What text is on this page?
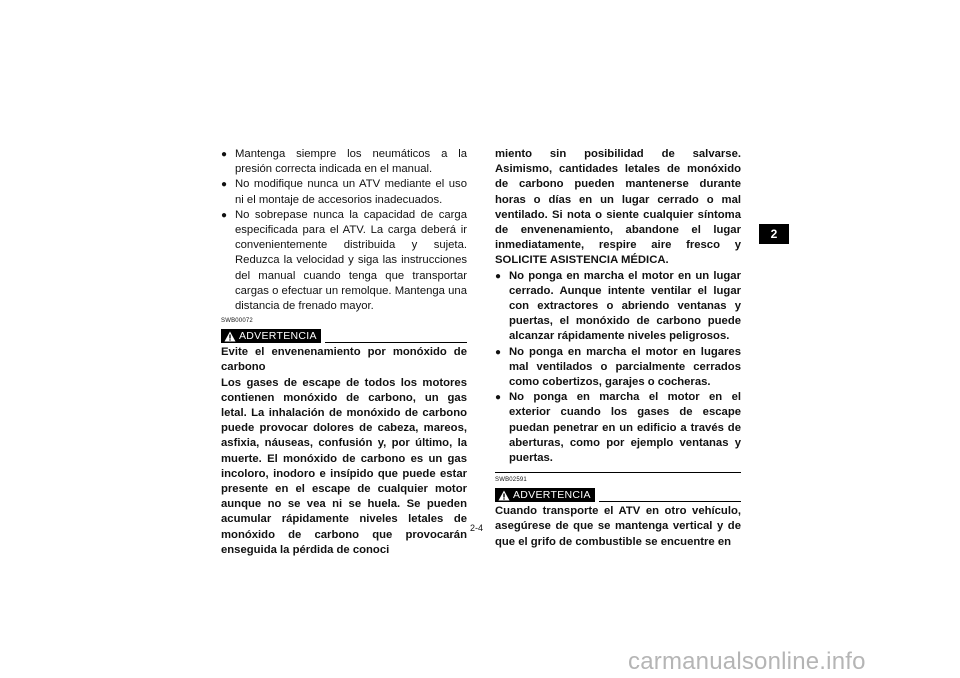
● Mantenga siempre los neumáticos a la presión correcta indicada en el manual.
● No modifique nunca un ATV mediante el uso ni el montaje de accesorios inadecuados.
● No sobrepase nunca la capacidad de carga especificada para el ATV. La carga deberá ir convenientemente distribuida y sujeta. Reduzca la velocidad y siga las instrucciones del manual cuando tenga que transportar cargas o efectuar un remolque. Mantenga una distancia de frenado mayor.
SWB00072
ADVERTENCIA

Evite el envenenamiento por monóxido de carbono

Los gases de escape de todos los motores contienen monóxido de carbono, un gas letal. La inhalación de monóxido de carbono puede provocar dolores de cabeza, mareos, asfixia, náuseas, confusión y, por último, la muerte. El monóxido de carbono es un gas incoloro, inodoro e insípido que puede estar presente en el escape de cualquier motor aunque no se vea ni se huela. Se pueden acumular rápidamente niveles letales de monóxido de carbono que provocarán enseguida la pérdida de conoci

miento sin posibilidad de salvarse. Asimismo, cantidades letales de monóxido de carbono pueden mantenerse durante horas o días en un lugar cerrado o mal ventilado. Si nota o siente cualquier síntoma de envenenamiento, abandone el lugar inmediatamente, respire aire fresco y SOLICITE ASISTENCIA MÉDICA.

● No ponga en marcha el motor en un lugar cerrado. Aunque intente ventilar el lugar con extractores o abriendo ventanas y puertas, el monóxido de carbono puede alcanzar rápidamente niveles peligrosos.
● No ponga en marcha el motor en lugares mal ventilados o parcialmente cerrados como cobertizos, garajes o cocheras.
● No ponga en marcha el motor en el exterior cuando los gases de escape puedan penetrar en un edificio a través de aberturas, como por ejemplo ventanas y puertas.
SWB02591
ADVERTENCIA

Cuando transporte el ATV en otro vehículo, asegúrese de que se mantenga vertical y de que el grifo de combustible se encuentre en

2-4
2
carmanualsonline.info
